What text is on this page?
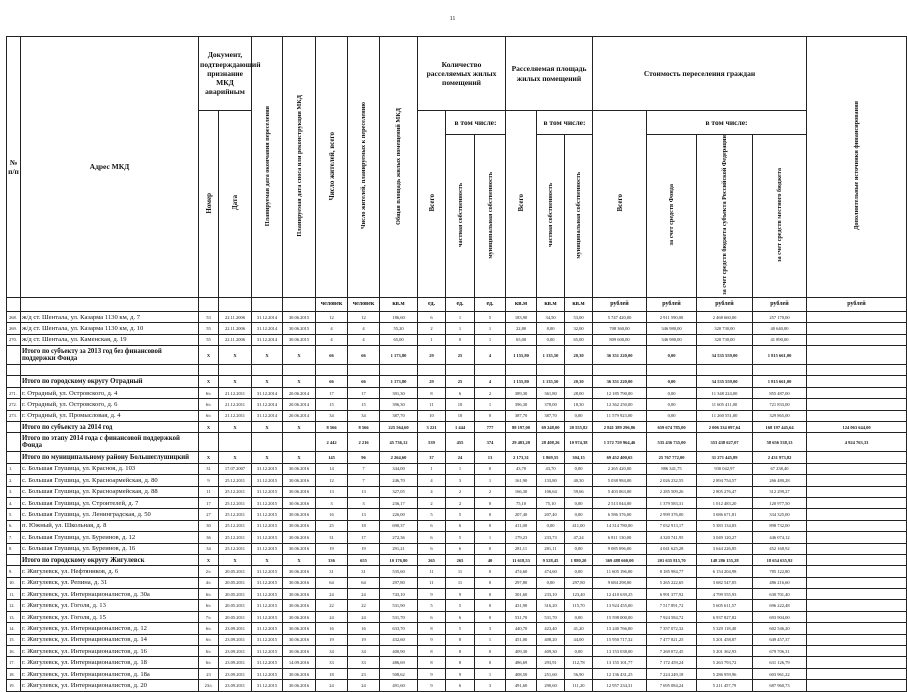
11
№ п/п	Адрес МКД	Документ, подтверждающий признание МКД аварийным		Планируемая дата окончания переселения	Планируемая дата сноса или реконструкции МКД	Число жителей, всего	Число жителей, планируемых к переселению	Общая площадь жилых помещений МКД	Количество расселяемых жилых помещений			Расселяемая площадь жилых помещений			Стоимость переселения граждан				Дополнительные источники финансирования
		Номер	Дата						Всего	в том числе:		Всего	в том числе:		Всего	в том числе:			
										частная собственность	муниципальная собственность		частная собственность	муниципальная собственность		за счет средств Фонда	за счет средств бюджета субъекта Российской Федерации	за счет средств местного бюджета	
						человек	человек	кв.м	ед.	ед.	ед.	кв.м	кв.м	кв.м	рублей	рублей	рублей	рублей	рублей
268.	ж/д ст. Шентала, ул. Казарма 1130 км, д. 7	53	22.11.2006	31.12.2014	30.06.2015	12	12	186,60	6	1	5	183,90	34,50	53,00	5 747 420,00	2 911 590,00	2 468 660,00	257 170,00	
269.	ж/д ст. Шентала, ул. Казарма 1130 км, д. 10	55	22.11.2006	31.12.2014	30.06.2015	4	4	55,20	2	1	1	22,80	8,00	32,00	708 360,00	346 980,00	320 730,00	40 640,00	
270.	ж/д ст. Шентала, ул. Каменская, д. 19	55	22.11.2006	31.12.2014	30.06.2015	4	4	65,00	1	0	1	65,00	0,00	65,00	809 600,00	346 980,00	320 730,00	41 890,00	
	Итого по субъекту за 2013 год без финансовой поддержки Фонда	X	X	X	X	66	66	1 173,80	29	25	4	1 155,80	1 135,50	20,30	36 351 220,00	0,00	34 535 559,00	1 815 661,00	

	Итого по городскому округу Отрадный	X	X	X	X	66	66	1 173,80	29	25	4	1 155,80	1 135,50	20,30	36 351 220,00	0,00	34 535 559,00	1 815 661,00	
271.	г. Отрадный, ул. Островского, д. 4	6/с	21.12.2011	31.12.2014	20.06.2014	17	17	391,30	8	6	2	389,30	361,80	28,00	12 185 790,00	0,00	11 348 224,00	855 487,00	
272.	г. Отрадный, ул. Островского, д. 6	6/с	21.12.2011	31.12.2014	20.06.2014	15	15	396,30	11	10	1	396,30	378,00	18,30	12 362 250,00	0,00	11 605 411,00	721 833,00	
273.	г. Отрадный, ул. Промысловая, д. 4	6/с	21.12.2011	31.12.2014	20.06.2014	34	34	387,70	10	10	0	387,70	387,70	0,00	11 579 923,00	0,00	11 260 551,00	329 865,00	
	Итого по субъекту за 2014 год	X	X	X	X	8 566	8 566	225 564,60	3 221	1 444	777	88 197,00	69 248,00	20 555,82	2 841 389 296,86	659 674 785,00	2 006 334 097,64	168 197 445,64	124 063 644,00
	Итого по этапу 2014 года с финансовой поддержкой Фонда					2 442	2 216	45 736,12	539	455	374	29 403,20	28 408,26	10 974,38	1 572 759 964,46	535 436 735,00	353 438 627,07	58 656 538,13	4 924 763,33
	Итого по муниципальному району Большеглушицкий	X	X	X	X	145	96	2 264,60	37	24	13	2 173,31	1 869,55	304,15	69 452 400,65	25 767 772,00	31 271 445,89	2 431 973,82	
1.	с. Большая Глушица, ул. Красноя, д. 103	31	17.07.2007	31.12.2015	30.06.2016	14	7	344,00	1	1	0	43,70	43,70	0,00	2 265 420,00	886 341,75	930 042,97	67 238,40	
2.	с. Большая Глушица, ул. Красноармейская, д. 80	9	25.12.2011	31.12.2015	30.06.2016	12	7	246,70	4	3	1	161,90	133,80	40,30	5 038 984,00	2 026 232,55	2 894 754,57	266 480,28	
3.	с. Большая Глушица, ул. Красноармейская, д. 88	11	25.12.2011	31.12.2015	30.06.2016	13	13	327,05	4	2	2	166,30	106,64	59,66	5 403 063,00	2 285 509,26	2 805 276,47	312 299,27	
4.	с. Большая Глушица, ул. Строителей, д. 7	17	25.12.2011	31.12.2015	30.06.2016	3	3	236,17	2	2	0	75,10	75,10	0,00	2 513 044,00	1 379 583,31	1 012 483,20	120 977,50	
5.	с. Большая Глушица, ул. Ленинградская, д. 50	27	25.12.2011	31.12.2015	30.06.2016	16	13	226,00	5	5	0	207,40	207,40	0,00	6 586 376,00	2 999 376,00	3 686 671,81	334 325,00	
6.	п. Южный, ул. Школьная, д. 8	30	25.12.2011	31.12.2015	30.06.2016	25	18	690,37	6	6	0	411,00	0,00	411,00	14 314 780,00	7 032 913,17	5 383 134,83	898 732,00	
7.	с. Большая Глушица, ул. Буреинов, д. 12	36	25.12.2011	31.12.2015	30.06.2016	31	17	272,36	6	5	1	179,23	233,73	47,24	6 811 130,00	4 320 741,95	3 049 120,27	446 074,12	
8.	с. Большая Глушица, ул. Буреинов, д. 16	34	25.12.2011	31.12.2015	30.06.2016	19	19	291,21	6	6	0	281,11	281,11	0,00	9 085 096,00	4 041 625,28	3 644 226,85	452 168,92	
	Итого по городскому округу Жигулевск	X	X	X	X	336	655	10 176,80	265	265	40	11 618,53	9 528,45	1 880,20	369 488 660,00	201 635 815,70	148 286 155,28	18 654 635,92	
9.	г. Жигулевск, ул. Нефтяников, д. 6	2/с	20.05.2011	31.12.2015	30.06.2016	31	31	535,60	11	11	0	474,60	474,60	0,00	11 605 196,00	8 185 984,77	6 154 204,98	785 122,80	
10.	г. Жигулевск, ул. Репина, д. 31	4/с	20.05.2011	31.12.2015	30.06.2016	64	64	297,80	11	11	0	297,80	0,00	297,80	9 684 298,00	5 265 222,65	3 682 547,05	486 216,60	
11.	г. Жигулевск, ул. Интернационалистов, д. 30а	6/с	20.05.2011	31.12.2015	30.06.2016	24	24	743,10	9	9	0	301,60	233,10	123,40	12 410 639,25	6 991 377,92	4 799 555,93	630 701,40	
12.	г. Жигулевск, ул. Гоголя, д. 13	6/с	20.05.2011	31.12.2015	30.06.2016	22	22	531,90	5	5	0	431,90	316,20	115,70	13 924 455,00	7 517 891,72	5 605 611,57	696 222,48	
13.	г. Жигулевск, ул. Гоголя, д. 15	7/с	20.05.2011	31.12.2015	30.06.2016	24	24	531,70	6	6	0	531,70	531,70	0,00	15 598 000,00	7 924 584,72	6 937 827,82	693 904,00	
14.	г. Жигулевск, ул. Интернационалистов, д. 12	6/с	23.09.2011	31.12.2015	30.06.2016	16	16	633,70	8	5	3	440,70	423,40	41,20	13 240 766,00	7 357 072,32	5 329 118,40	602 546,20	
15.	г. Жигулевск, ул. Интернационалистов, д. 14	6/с	23.09.2011	31.12.2015	30.06.2016	19	19	432,60	9	8	1	451,00	408,20	44,00	15 950 717,32	7 477 821,25	5 201 458,87	649 457,37	
16.	г. Жигулевск, ул. Интернационалистов, д. 16	6/с	23.09.2011	31.12.2015	30.06.2016	34	34	400,90	8	8	0	409,30	409,30	0,00	13 153 038,00	7 269 072,45	5 201 362,93	679 706,31	
17.	г. Жигулевск, ул. Интернационалистов, д. 18	6/с	23.09.2011	31.12.2015	14.09.2016	33	33	486,69	8	8	0	486,69	293,91	112,78	13 155 101,77	7 172 459,24	5 263 793,72	631 126,79	
18.	г. Жигулевск, ул. Интернационалистов, д. 18а	23	23.09.2011	31.12.2015	30.06.2016	18	23	508,62	9	9	1	408,50	251,60	56,90	12 136 431,25	7 224 249,18	5 286 959,96	603 961,22	
19.	г. Жигулевск, ул. Интернационалистов, д. 20	23/с	23.09.2011	31.12.2015	30.06.2016	24	24	491,60	9	6	3	491,60	290,60	111,20	12 957 234,31	7 695 084,24	5 211 457,79	687 960,73	
